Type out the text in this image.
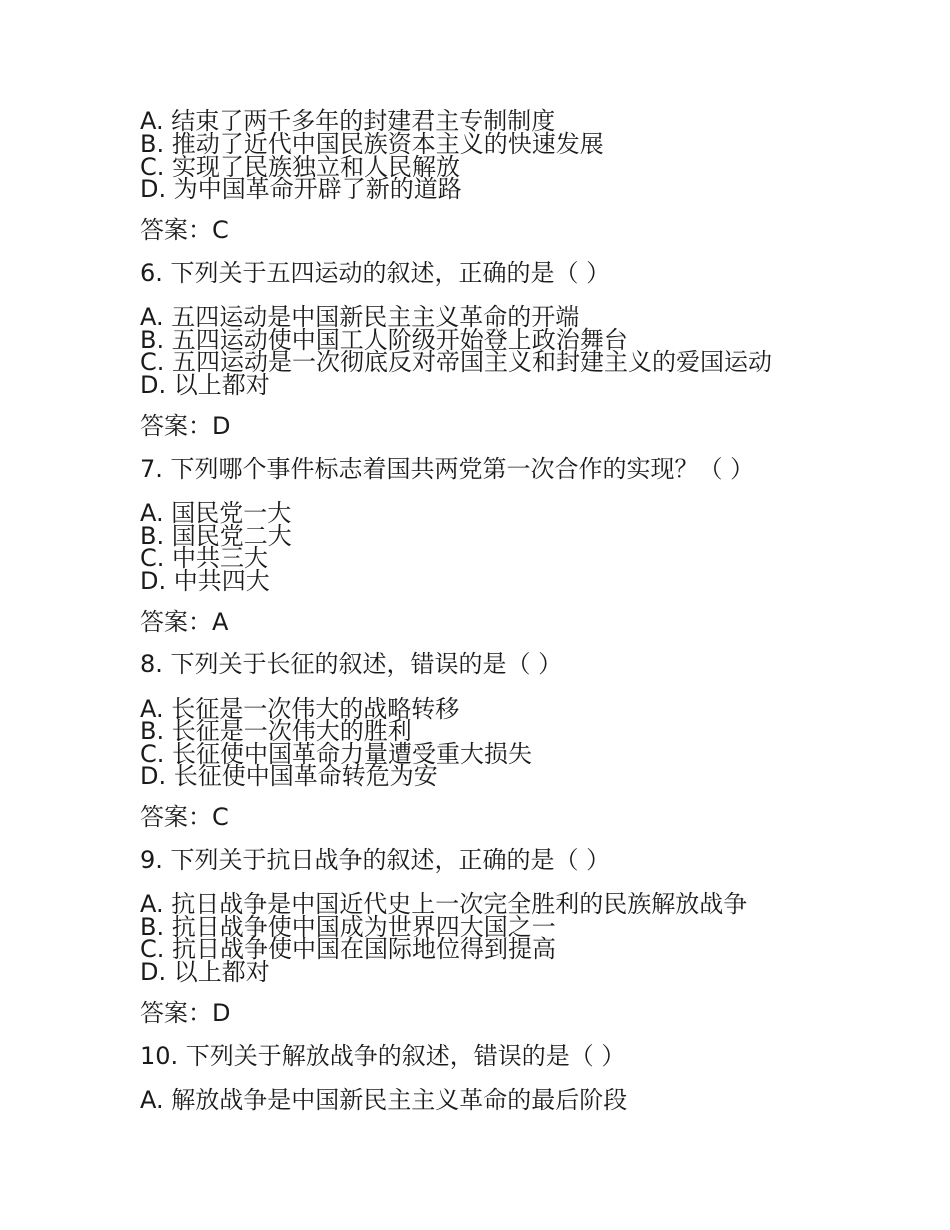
A. 结束了两千多年的封建君主专制制度
B. 推动了近代中国民族资本主义的快速发展
C. 实现了民族独立和人民解放
D. 为中国革命开辟了新的道路
答案：C
6. 下列关于五四运动的叙述，正确的是（ ）
A. 五四运动是中国新民主主义革命的开端
B. 五四运动使中国工人阶级开始登上政治舞台
C. 五四运动是一次彻底反对帝国主义和封建主义的爱国运动
D. 以上都对
答案：D
7. 下列哪个事件标志着国共两党第一次合作的实现？（ ）
A. 国民党一大
B. 国民党二大
C. 中共三大
D. 中共四大
答案：A
8. 下列关于长征的叙述，错误的是（ ）
A. 长征是一次伟大的战略转移
B. 长征是一次伟大的胜利
C. 长征使中国革命力量遭受重大损失
D. 长征使中国革命转危为安
答案：C
9. 下列关于抗日战争的叙述，正确的是（ ）
A. 抗日战争是中国近代史上一次完全胜利的民族解放战争
B. 抗日战争使中国成为世界四大国之一
C. 抗日战争使中国在国际地位得到提高
D. 以上都对
答案：D
10. 下列关于解放战争的叙述，错误的是（ ）
A. 解放战争是中国新民主主义革命的最后阶段
